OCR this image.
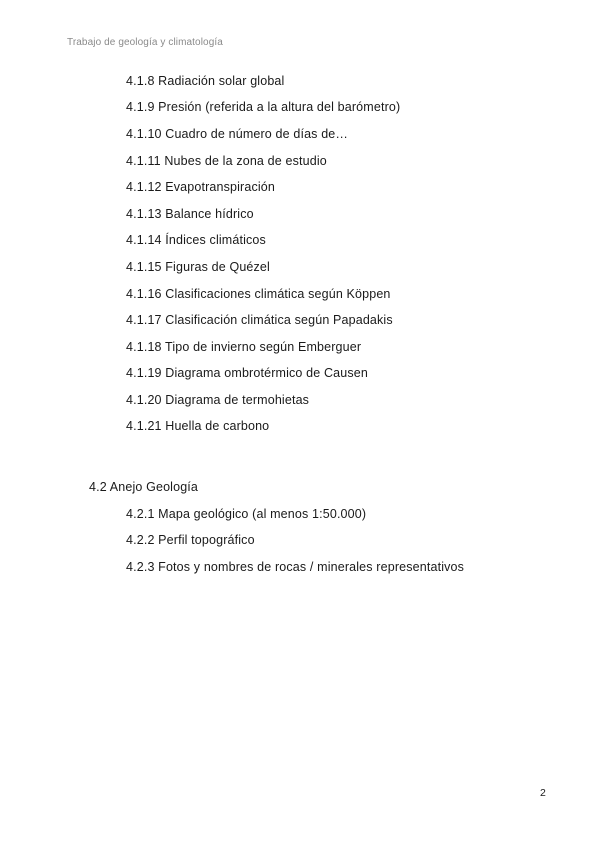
Trabajo de geología y climatología
4.1.8 Radiación solar global
4.1.9 Presión (referida a la altura del barómetro)
4.1.10 Cuadro de número de días de…
4.1.11 Nubes de la zona de estudio
4.1.12 Evapotranspiración
4.1.13 Balance hídrico
4.1.14 Índices climáticos
4.1.15 Figuras de Quézel
4.1.16 Clasificaciones climática según Köppen
4.1.17 Clasificación climática según Papadakis
4.1.18 Tipo de invierno según Emberguer
4.1.19 Diagrama ombrotérmico de Causen
4.1.20 Diagrama de termohietas
4.1.21 Huella de carbono
4.2 Anejo Geología
4.2.1 Mapa geológico (al menos 1:50.000)
4.2.2 Perfil topográfico
4.2.3 Fotos y nombres de rocas / minerales representativos
2
